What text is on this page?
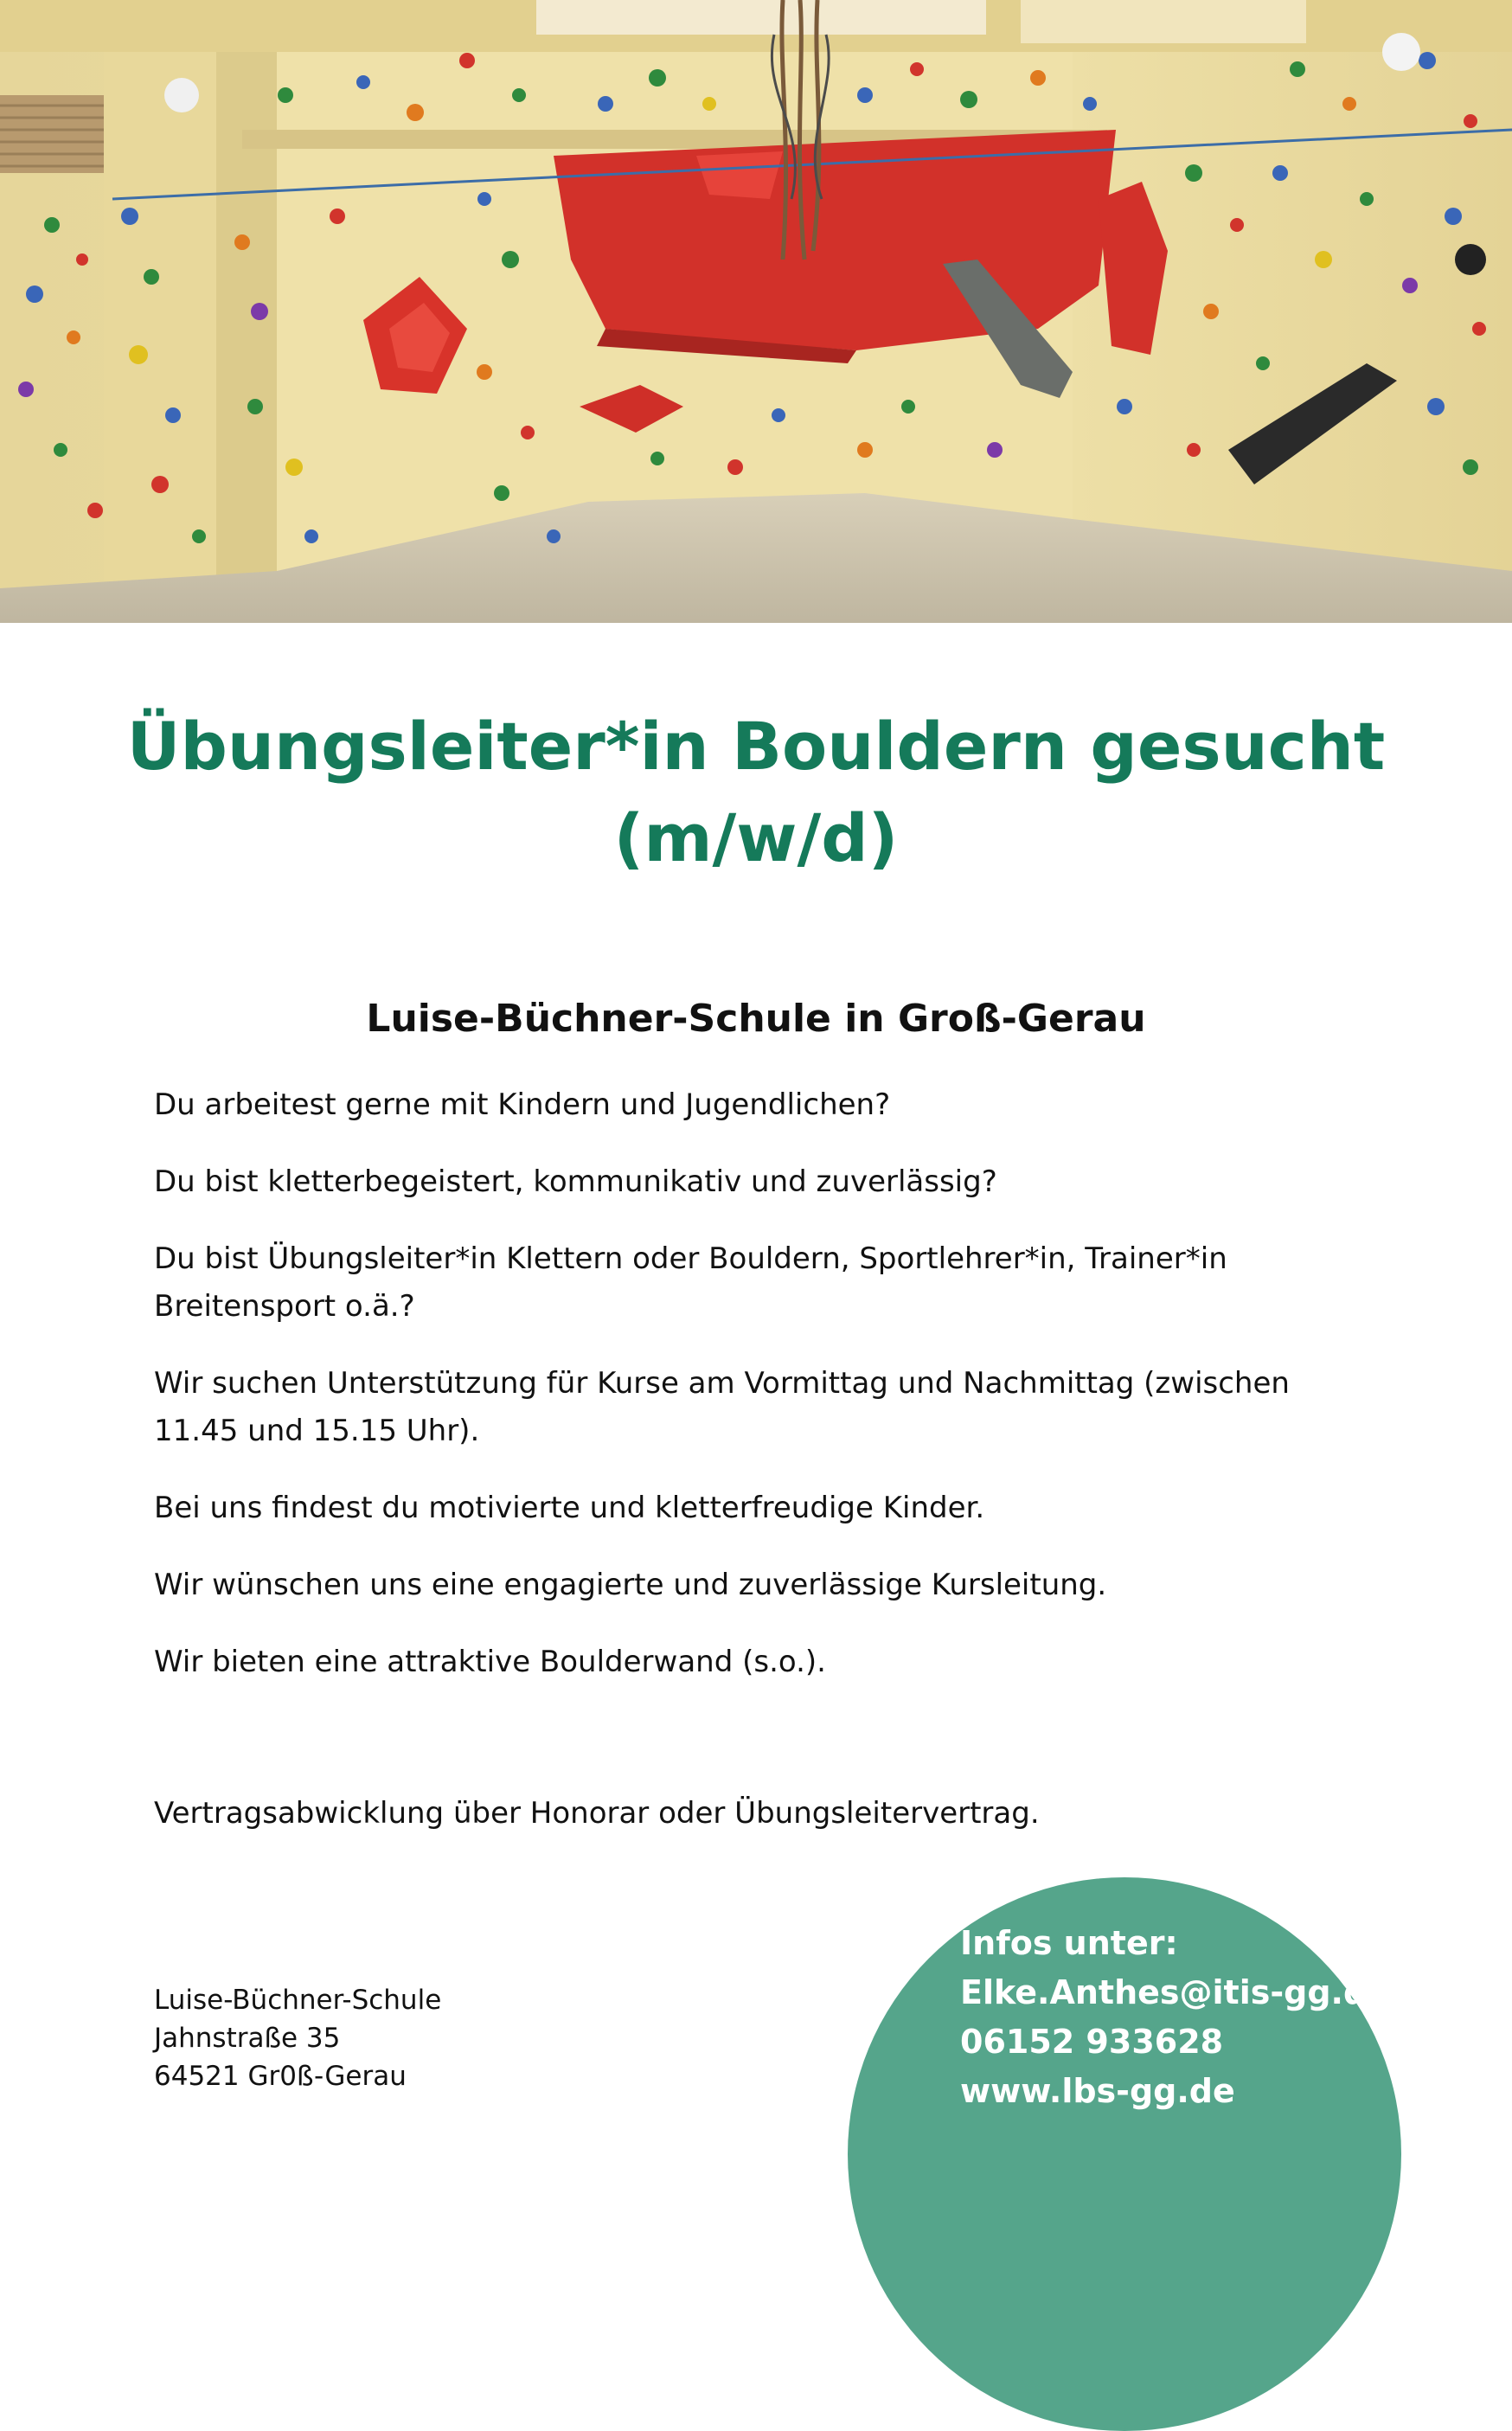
Übungsleiter*in Bouldern gesucht
(m/w/d)
Luise-Büchner-Schule in Groß-Gerau

Du arbeitest gerne mit Kindern und Jugendlichen?

Du bist kletterbegeistert, kommunikativ und zuverlässig?

Du bist Übungsleiter*in Klettern oder Bouldern, Sportlehrer*in, Trainer*in Breitensport o.ä.?

Wir suchen Unterstützung für Kurse am Vormittag und Nachmittag (zwischen 11.45 und 15.15 Uhr).

Bei uns findest du motivierte und kletterfreudige Kinder.

Wir wünschen uns eine engagierte und zuverlässige Kursleitung.

Wir bieten eine attraktive Boulderwand (s.o.).

Vertragsabwicklung über Honorar oder Übungsleitervertrag.

Luise-Büchner-Schule
Jahnstraße 35
64521 Gr0ß-Gerau
Infos unter:
Elke.Anthes@itis-gg.de
06152 933628
www.lbs-gg.de
